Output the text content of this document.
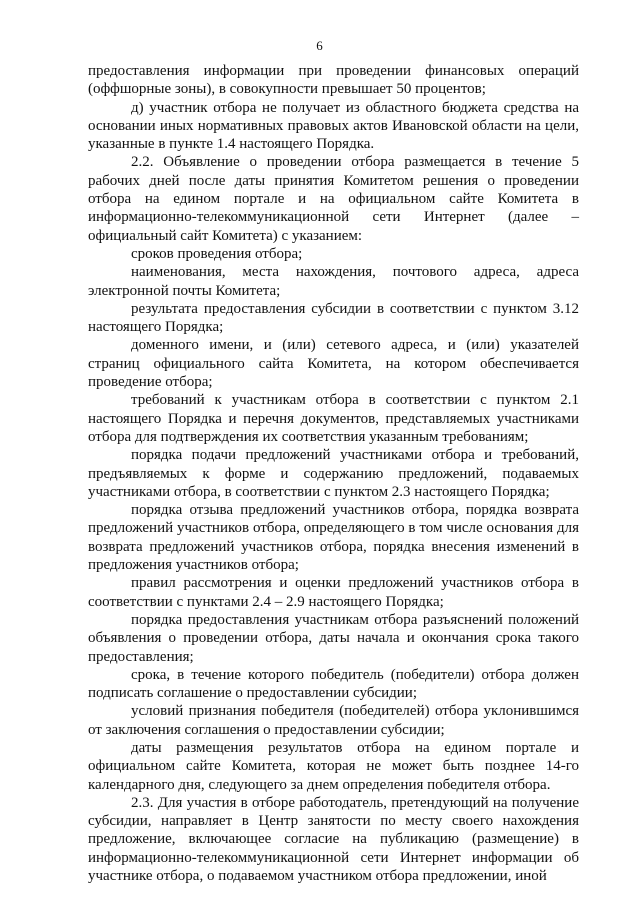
6

предоставления информации при проведении финансовых операций (оффшорные зоны), в совокупности превышает 50 процентов;

д) участник отбора не получает из областного бюджета средства на основании иных нормативных правовых актов Ивановской области на цели, указанные в пункте 1.4 настоящего Порядка.

2.2. Объявление о проведении отбора размещается в течение 5 рабочих дней после даты принятия Комитетом решения о проведении отбора на едином портале и на официальном сайте Комитета в информационно-телекоммуникационной сети Интернет (далее – официальный сайт Комитета) с указанием:

сроков проведения отбора;

наименования, места нахождения, почтового адреса, адреса электронной почты Комитета;

результата предоставления субсидии в соответствии с пунктом 3.12 настоящего Порядка;

доменного имени, и (или) сетевого адреса, и (или) указателей страниц официального сайта Комитета, на котором обеспечивается проведение отбора;

требований к участникам отбора в соответствии с пунктом 2.1 настоящего Порядка и перечня документов, представляемых участниками отбора для подтверждения их соответствия указанным требованиям;

порядка подачи предложений участниками отбора и требований, предъявляемых к форме и содержанию предложений, подаваемых участниками отбора, в соответствии с пунктом 2.3 настоящего Порядка;

порядка отзыва предложений участников отбора, порядка возврата предложений участников отбора, определяющего в том числе основания для возврата предложений участников отбора, порядка внесения изменений в предложения участников отбора;

правил рассмотрения и оценки предложений участников отбора в соответствии с пунктами 2.4 – 2.9 настоящего Порядка;

порядка предоставления участникам отбора разъяснений положений объявления о проведении отбора, даты начала и окончания срока такого предоставления;

срока, в течение которого победитель (победители) отбора должен подписать соглашение о предоставлении субсидии;

условий признания победителя (победителей) отбора уклонившимся от заключения соглашения о предоставлении субсидии;

даты размещения результатов отбора на едином портале и официальном сайте Комитета, которая не может быть позднее 14-го календарного дня, следующего за днем определения победителя отбора.

2.3. Для участия в отборе работодатель, претендующий на получение субсидии, направляет в Центр занятости по месту своего нахождения предложение, включающее согласие на публикацию (размещение) в информационно-телекоммуникационной сети Интернет информации об участнике отбора, о подаваемом участником отбора предложении, иной
